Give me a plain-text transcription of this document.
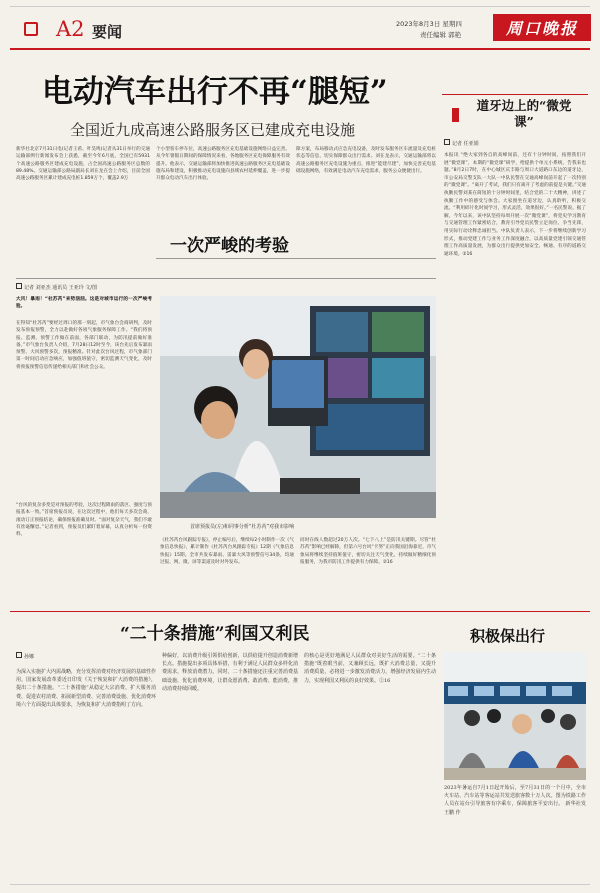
A2 要闻	2023年8月3日 星期四
责任编辑 郭艳	周口晚报
电动汽车出行不再“腿短”
全国近九成高速公路服务区已建成充电设施
新华社北京7月31日电(记者王希、叶昊鸣)记者从31日举行的交通运输部例行新闻发布会上获悉，截至今年6月底，全国已有5931个高速公路服务区建成充电设施，占全国高速公路服务区总数的89.48%。交通运输部公路局副局长刘在龙在会上介绍，目前全国高速公路服务区累计建成充电桩1.859万个，覆盖2.9万
个小型客车停车位，高速公路服务区充电基础设施网络日益完善。从今年暑假日期间的保障情况来看，各地服务区充电保障服务有效提升。他表示，交通运输部将加快推进高速公路服务区充电基础设施布局和建设，积极推动充电设施向县域农村延伸覆盖，进一步提升群众电动汽车出行体验。
障方案，布局移动式应急充电设备，及时发布服务区车流量及充电桩状态等信息，切实保障群众出行需求。刘在龙表示，交通运输部将以高速公路服务区充电设施为重点，推进“能建尽建”，加快完善充电基础设施网络，有效满足电动汽车充电需求，服务公众便捷出行。
一次严峻的考验
记者 刘亚杰 通讯员 王亚玲 文/图
大风！暴雨！“杜苏芮”来势汹汹。这是对城市运行的一次严峻考验。
在得知“杜苏芮”要经过周口的那一刻起，市气象台会商研判，及时发布预报预警，全力以赴做好各项气象服务保障工作。“我们将预报、监测、预警工作做在前面，各部门联动，为防汛提前做好准备。”市气象台负责人介绍，7月28日12时至今，该台先后发布暴雨预警、大风预警多次，预报精准。针对此次台风过程，市气象部门第一时间启动应急响应，加强值班值守，密切监测天气变化，及时将预报预警信息传递给相关部门和社会公众。
“台风的复杂多变是对预报的考验，这次过程降雨的落区、强度与预报基本一致。”首席预报员说，在这次过程中，他们每天多次会商，滚动订正预报结论，确保预报准确及时。“面对复杂天气，我们不敢有丝毫懈怠。”记者看到，预报员们紧盯着屏幕，认真分析每一份资料。
首席预报员(左)和同事分析“杜苏芮”对我市影响
《杜苏芮台风跟踪专报》，停止编号后，继续每2小时制作一次《气象信息快报》，累计制作《杜苏芮台风跟踪专报》12期《气象信息快报》15期。全市共发布暴雨、雷暴大风等预警信号34条，均通过报、网、微、屏等渠道及时对外发布。
同时在线人数超过20万人次。“七下八上”是防汛关键期。尽管“杜苏芮”影响已经解除，但第六号台风“卡努”正向我国沿海靠近，市气象局将继续坚持值班值守，密切关注天气变化，持续做好精细化预报服务，为我市防汛工作提供有力保障。②16
道牙边上的“微党课”
记者 任亚娟
本报讯 “绝大家到各自的高峰岗前，还有十分钟时间，按照我们开展“微党课”，本期的“微党课”研学，给提供个单元小系统，告我来也题。”8月2日7时，在中心城区庆丰路与周口大道路口东边的道牙边，市公安局交警支队一大队一中队民警在交通高峰岗前开起了一次特别的“微党课”。“离开了考试，我们只有离开了考虑的前提是关键。”交通执勤民警刘某在简短的十分钟时间里，结合党的二十大精神，讲述了执勤工作中的感受与体会。大家围坐在道牙边，认真聆听，积极交流。“利用碎片化时间学习，形式灵活，效果很好。”一名民警说。据了解，今年以来，该中队坚持每周开展一次“微党课”，将党史学习教育与交通管理工作紧密结合，教育引导党员民警立足岗位、争当先锋，用实际行动诠释忠诚担当。中队负责人表示，下一步将继续创新学习形式，推动党建工作与业务工作深度融合，以高质量党建引领交通管理工作高质量发展，为群众出行提供更加安全、畅通、有序的道路交通环境。②16
“二十条措施”利国又利民
孙娜
为深入实施扩大内需战略，充分发挥消费对经济发展的基础性作用，国家发展改革委近日印发《关于恢复和扩大消费的措施》，提出二十条措施。“二十条措施”从稳定大宗消费、扩大服务消费、促进农村消费、拓展新型消费、完善消费设施、优化消费环境六个方面提出具体要求，为恢复和扩大消费指明了方向。
种偏好，以消费升级引领供给创新，以供给提升创造消费新增长点。措施提出多项具体举措，有利于满足人民群众多样化消费需求，释放消费潜力。同时，二十条措施还注重完善消费基础设施、优化消费环境，让群众愿消费、敢消费、能消费，推动消费持续回暖。
的核心是更好地满足人民群众对美好生活的需要。“二十条措施”既着眼当前，又兼顾长远，既扩大消费总量，又提升消费质量，必将进一步激发消费活力，增强经济发展内生动力，实现利国又利民的良好效果。②16
积极保出行
2023年暑运自7月1日起开始后，至7月31日的一个月中，全市火车站、汽车站等客运站共发送旅客数十万人次。图为铁路工作人员在站台引导旅客有序乘车，保障旅客平安出行。 新华社发 王鹏 作
